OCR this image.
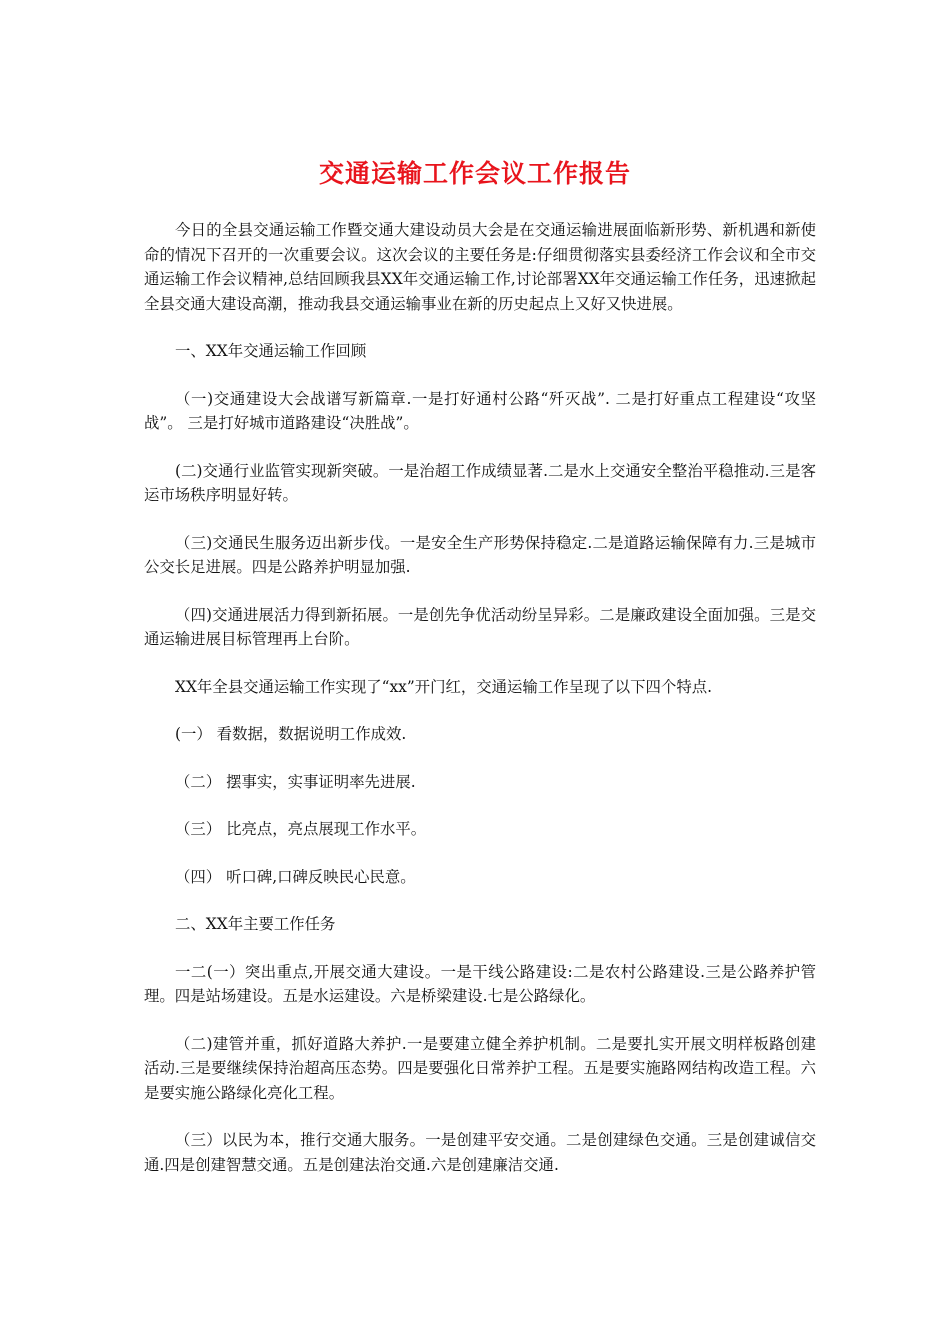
交通运输工作会议工作报告

今日的全县交通运输工作暨交通大建设动员大会是在交通运输进展面临新形势、新机遇和新使命的情况下召开的一次重要会议。这次会议的主要任务是:仔细贯彻落实县委经济工作会议和全市交通运输工作会议精神,总结回顾我县XX年交通运输工作,讨论部署XX年交通运输工作任务，迅速掀起全县交通大建设高潮，推动我县交通运输事业在新的历史起点上又好又快进展。

一、XX年交通运输工作回顾

（一)交通建设大会战谱写新篇章.一是打好通村公路“歼灭战”. 二是打好重点工程建设“攻坚战”。 三是打好城市道路建设“决胜战”。

(二)交通行业监管实现新突破。一是治超工作成绩显著.二是水上交通安全整治平稳推动.三是客运市场秩序明显好转。

（三)交通民生服务迈出新步伐。一是安全生产形势保持稳定.二是道路运输保障有力.三是城市公交长足进展。四是公路养护明显加强.

（四)交通进展活力得到新拓展。一是创先争优活动纷呈异彩。二是廉政建设全面加强。三是交通运输进展目标管理再上台阶。

XX年全县交通运输工作实现了“xx”开门红，交通运输工作呈现了以下四个特点.

(一） 看数据，数据说明工作成效.

（二） 摆事实，实事证明率先进展.

（三） 比亮点，亮点展现工作水平。

（四） 听口碑,口碑反映民心民意。

二、XX年主要工作任务

一二(一）突出重点,开展交通大建设。一是干线公路建设:二是农村公路建设.三是公路养护管理。四是站场建设。五是水运建设。六是桥梁建设.七是公路绿化。

（二)建管并重，抓好道路大养护.一是要建立健全养护机制。二是要扎实开展文明样板路创建活动.三是要继续保持治超高压态势。四是要强化日常养护工程。五是要实施路网结构改造工程。六是要实施公路绿化亮化工程。

（三）以民为本，推行交通大服务。一是创建平安交通。二是创建绿色交通。三是创建诚信交通.四是创建智慧交通。五是创建法治交通.六是创建廉洁交通.
